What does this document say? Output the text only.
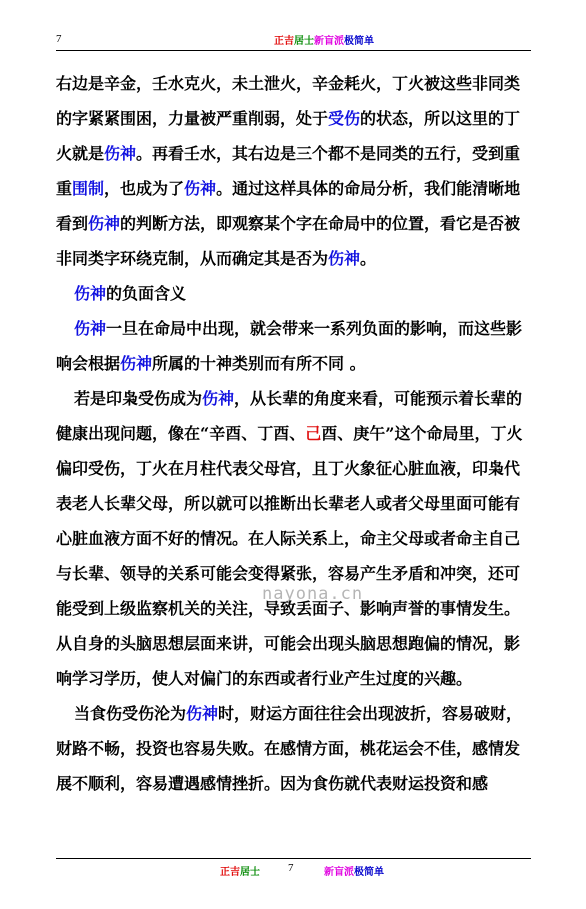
7	正吉居士新盲派极简单

右边是辛金，壬水克火，未土泄火，辛金耗火，丁火被这些非同类的字紧紧围困，力量被严重削弱，处于受伤的状态，所以这里的丁火就是伤神。再看壬水，其右边是三个都不是同类的五行，受到重重围制，也成为了伤神。通过这样具体的命局分析，我们能清晰地看到伤神的判断方法，即观察某个字在命局中的位置，看它是否被非同类字环绕克制，从而确定其是否为伤神。

伤神的负面含义

伤神一旦在命局中出现，就会带来一系列负面的影响，而这些影响会根据伤神所属的十神类别而有所不同 。

若是印枭受伤成为伤神，从长辈的角度来看，可能预示着长辈的健康出现问题，像在“辛酉、丁酉、己酉、庚午”这个命局里，丁火偏印受伤，丁火在月柱代表父母宫，且丁火象征心脏血液，印枭代表老人长辈父母，所以就可以推断出长辈老人或者父母里面可能有心脏血液方面不好的情况。在人际关系上，命主父母或者命主自己与长辈、领导的关系可能会变得紧张，容易产生矛盾和冲突，还可能受到上级监察机关的关注，导致丢面子、影响声誉的事情发生。从自身的头脑思想层面来讲，可能会出现头脑思想跑偏的情况，影响学习学历，使人对偏门的东西或者行业产生过度的兴趣。

当食伤受伤沦为伤神时，财运方面往往会出现波折，容易破财，财路不畅，投资也容易失败。在感情方面，桃花运会不佳，感情发展不顺利，容易遭遇感情挫折。因为食伤就代表财运投资和感

nayona.cn
正吉居士	7	新盲派极简单
